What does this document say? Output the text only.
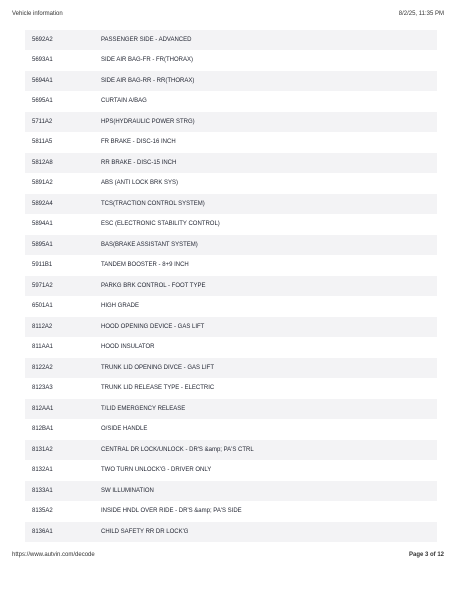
Vehicle information	8/2/25, 11:35 PM
5692A2	PASSENGER SIDE - ADVANCED
5693A1	SIDE AIR BAG-FR - FR(THORAX)
5694A1	SIDE AIR BAG-RR - RR(THORAX)
5695A1	CURTAIN A/BAG
5711A2	HPS(HYDRAULIC POWER STRG)
5811A5	FR BRAKE - DISC-16 INCH
5812A8	RR BRAKE - DISC-15 INCH
5891A2	ABS (ANTI LOCK BRK SYS)
5892A4	TCS(TRACTION CONTROL SYSTEM)
5894A1	ESC (ELECTRONIC STABILITY CONTROL)
5895A1	BAS(BRAKE ASSISTANT SYSTEM)
5911B1	TANDEM BOOSTER - 8+9 INCH
5971A2	PARKG BRK CONTROL - FOOT TYPE
6501A1	HIGH GRADE
8112A2	HOOD OPENING DEVICE - GAS LIFT
811AA1	HOOD INSULATOR
8122A2	TRUNK LID OPENING DIVCE - GAS LIFT
8123A3	TRUNK LID RELEASE TYPE - ELECTRIC
812AA1	T/LID EMERGENCY RELEASE
812BA1	O/SIDE HANDLE
8131A2	CENTRAL DR LOCK/UNLOCK - DR'S &amp; PA'S CTRL
8132A1	TWO TURN UNLOCK'G - DRIVER ONLY
8133A1	SW ILLUMINATION
8135A2	INSIDE HNDL OVER RIDE - DR'S &amp; PA'S SIDE
8136A1	CHILD SAFETY RR DR LOCK'G
https://www.autvin.com/decode	Page 3 of 12
